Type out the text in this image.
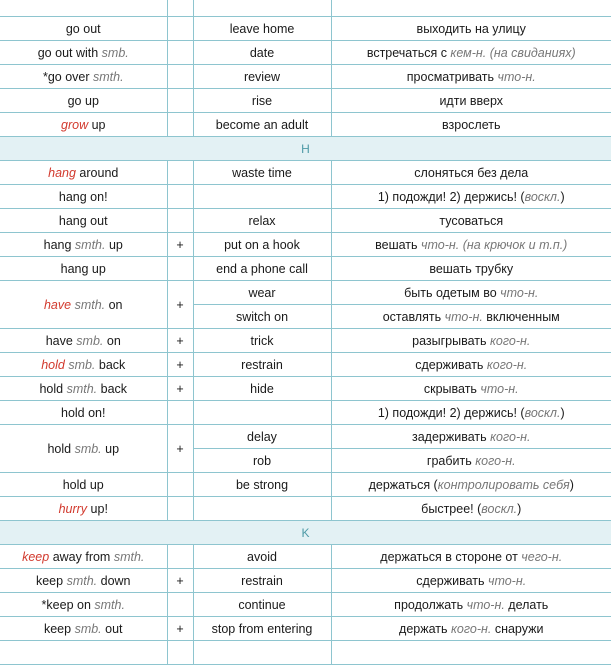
go out		leave home	выходить на улицу
go out with smb.		date	встречаться с кем-н. (на свиданиях)
*go over smth.		review	просматривать что-н.
go up		rise	идти вверх
grow up		become an adult	взрослеть
H			
hang around		waste time	слоняться без дела
hang on!			1) подожди! 2) держись! (воскл.)
hang out		relax	тусоваться
hang smth. up	+	put on a hook	вешать что-н. (на крючок и т.п.)
hang up		end a phone call	вешать трубку
have smth. on	+	wear	быть одетым во что-н.
		switch on	оставлять что-н. включенным
have smb. on	+	trick	разыгрывать кого-н.
hold smb. back	+	restrain	сдерживать кого-н.
hold smth. back	+	hide	скрывать что-н.
hold on!			1) подожди! 2) держись! (воскл.)
hold smb. up	+	delay	задерживать кого-н.
		rob	грабить кого-н.
hold up		be strong	держаться (контролировать себя)
hurry up!			быстрее! (воскл.)
K			
keep away from smth.		avoid	держаться в стороне от чего-н.
keep smth. down	+	restrain	сдерживать что-н.
*keep on smth.		continue	продолжать что-н. делать
keep smb. out	+	stop from entering	держать кого-н. снаружи
